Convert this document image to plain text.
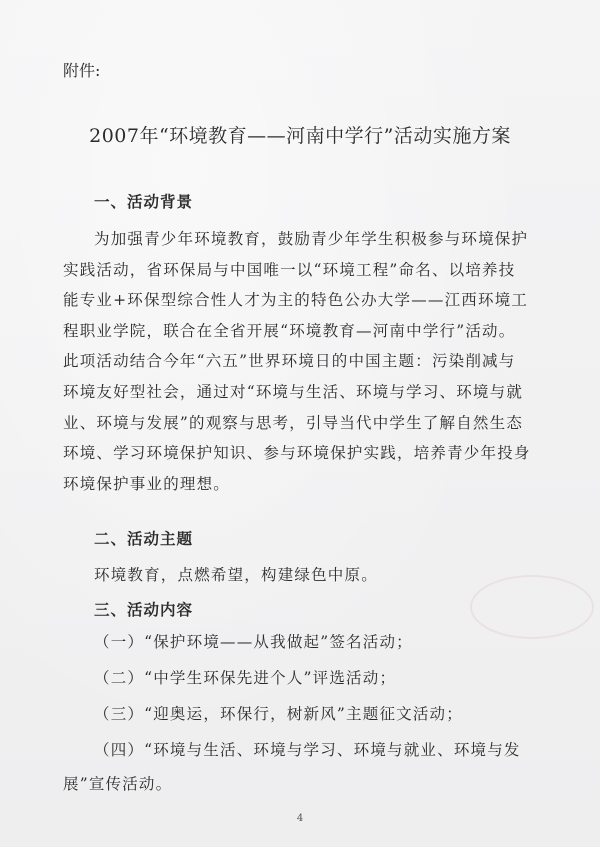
附件:
2007年“环境教育——河南中学行”活动实施方案
一、活动背景
为加强青少年环境教育，鼓励青少年学生积极参与环境保护
实践活动，省环保局与中国唯一以“环境工程”命名、以培养技
能专业+环保型综合性人才为主的特色公办大学——江西环境工
程职业学院，联合在全省开展“环境教育—河南中学行”活动。
此项活动结合今年“六五”世界环境日的中国主题：污染削减与
环境友好型社会，通过对“环境与生活、环境与学习、环境与就
业、环境与发展”的观察与思考，引导当代中学生了解自然生态
环境、学习环境保护知识、参与环境保护实践，培养青少年投身
环境保护事业的理想。
二、活动主题
环境教育，点燃希望，构建绿色中原。
三、活动内容
（一）“保护环境——从我做起”签名活动；
（二）“中学生环保先进个人”评选活动；
（三）“迎奥运，环保行，树新风”主题征文活动；
（四）“环境与生活、环境与学习、环境与就业、环境与发
展”宣传活动。
4
